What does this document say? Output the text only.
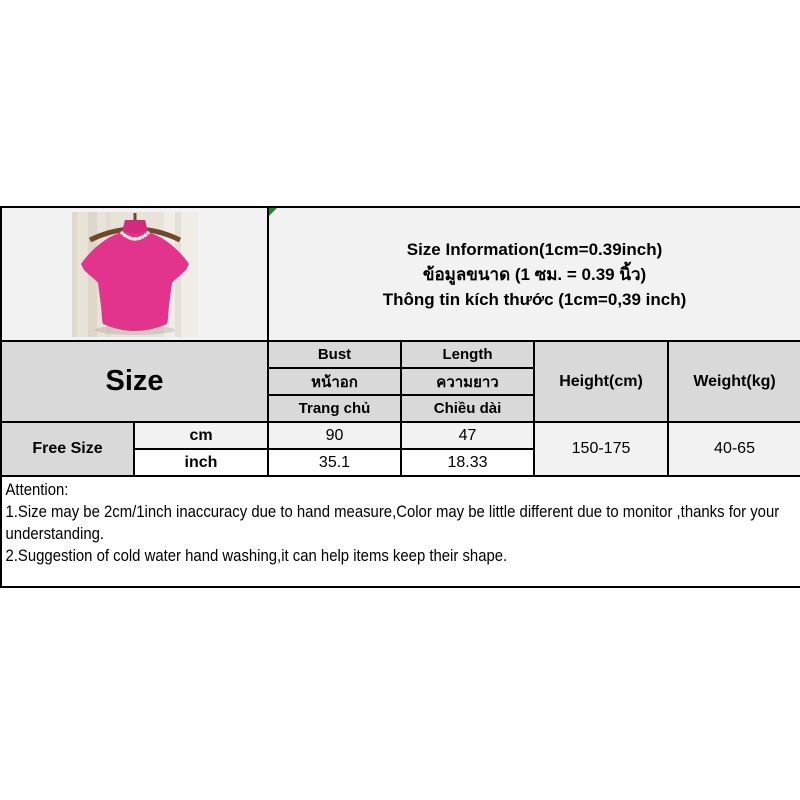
Size Information(1cm=0.39inch)
ข้อมูลขนาด (1 ซม. = 0.39 นิ้ว)
Thông tin kích thước (1cm=0,39 inch)			

Size		Bust	Length	Height(cm)	Weight(kg)
		หน้าอก	ความยาว		
		Trang chủ	Chiều dài		
Free Size	cm	90	47	150-175	40-65
	inch	35.1	18.33		

Attention:
1.Size may be 2cm/1inch inaccuracy due to hand measure,Color may be little different due to monitor ,thanks for your understanding.
2.Suggestion of cold water hand washing,it can help items keep their shape.					
